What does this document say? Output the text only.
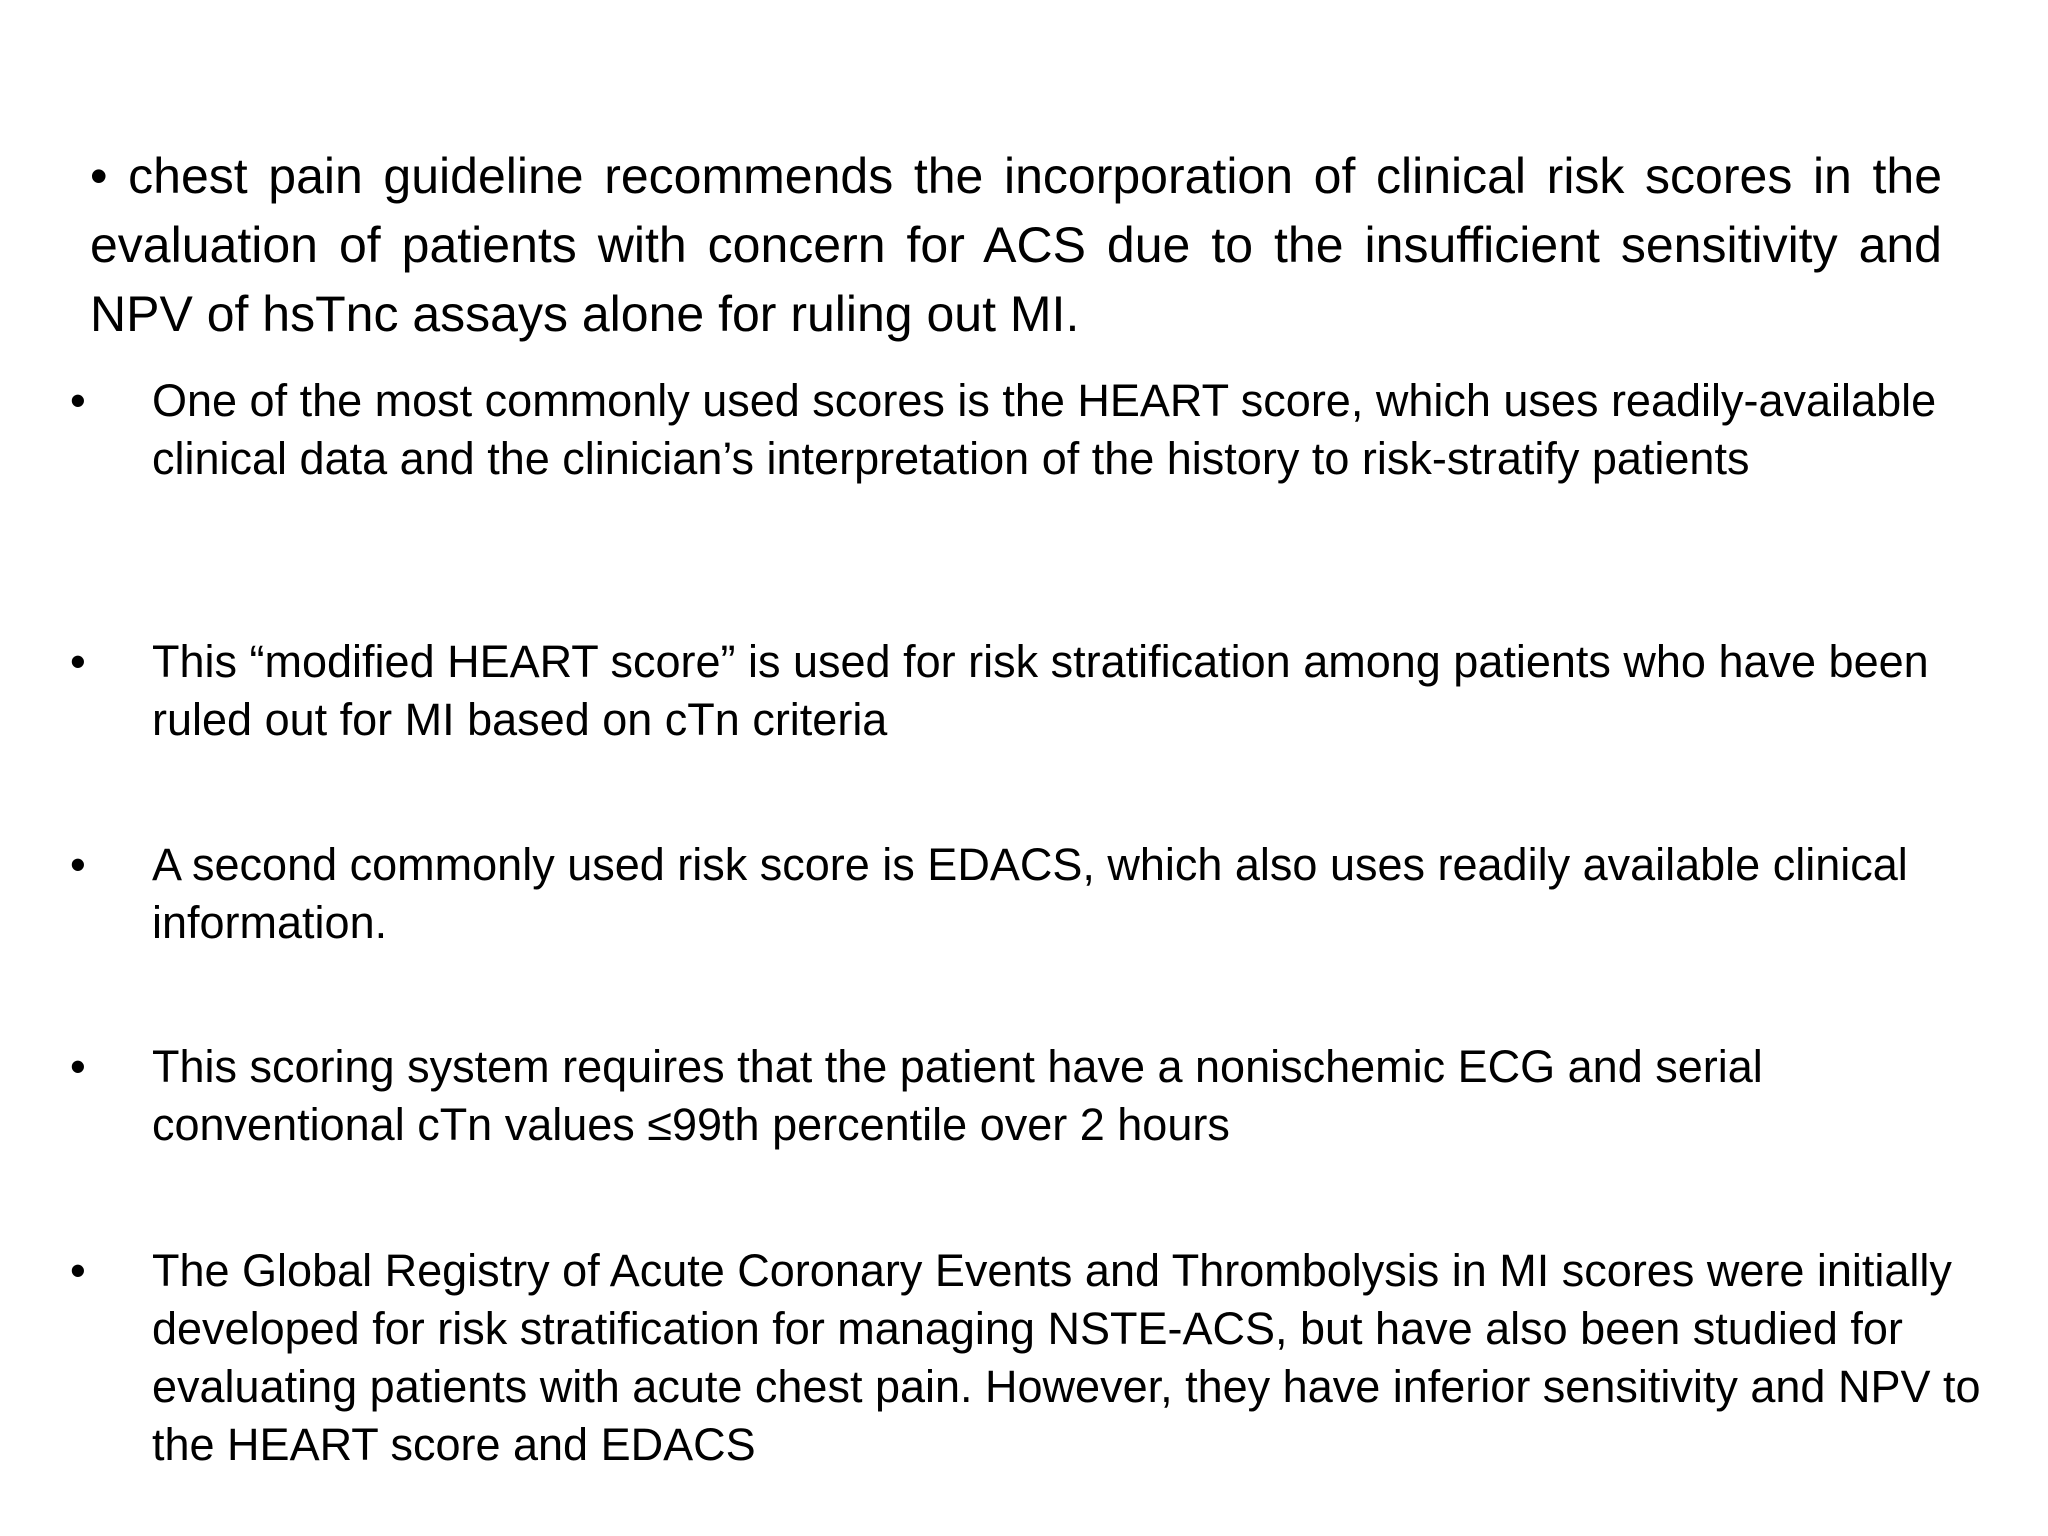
• chest pain guideline recommends the incorporation of clinical risk scores in the evaluation of patients with concern for ACS due to the insufficient sensitivity and NPV of hsTnc assays alone for ruling out MI.

•	One of the most commonly used scores is the HEART score, which uses readily-available clinical data and the clinician’s interpretation of the history to risk-stratify patients
•	This “modified HEART score” is used for risk stratification among patients who have been ruled out for MI based on cTn criteria
•	A second commonly used risk score is EDACS, which also uses readily available clinical information.
•	This scoring system requires that the patient have a nonischemic ECG and serial conventional cTn values ≤99th percentile over 2 hours
•	The Global Registry of Acute Coronary Events and Thrombolysis in MI scores were initially developed for risk stratification for managing NSTE-ACS, but have also been studied for evaluating patients with acute chest pain. However, they have inferior sensitivity and NPV to the HEART score and EDACS
